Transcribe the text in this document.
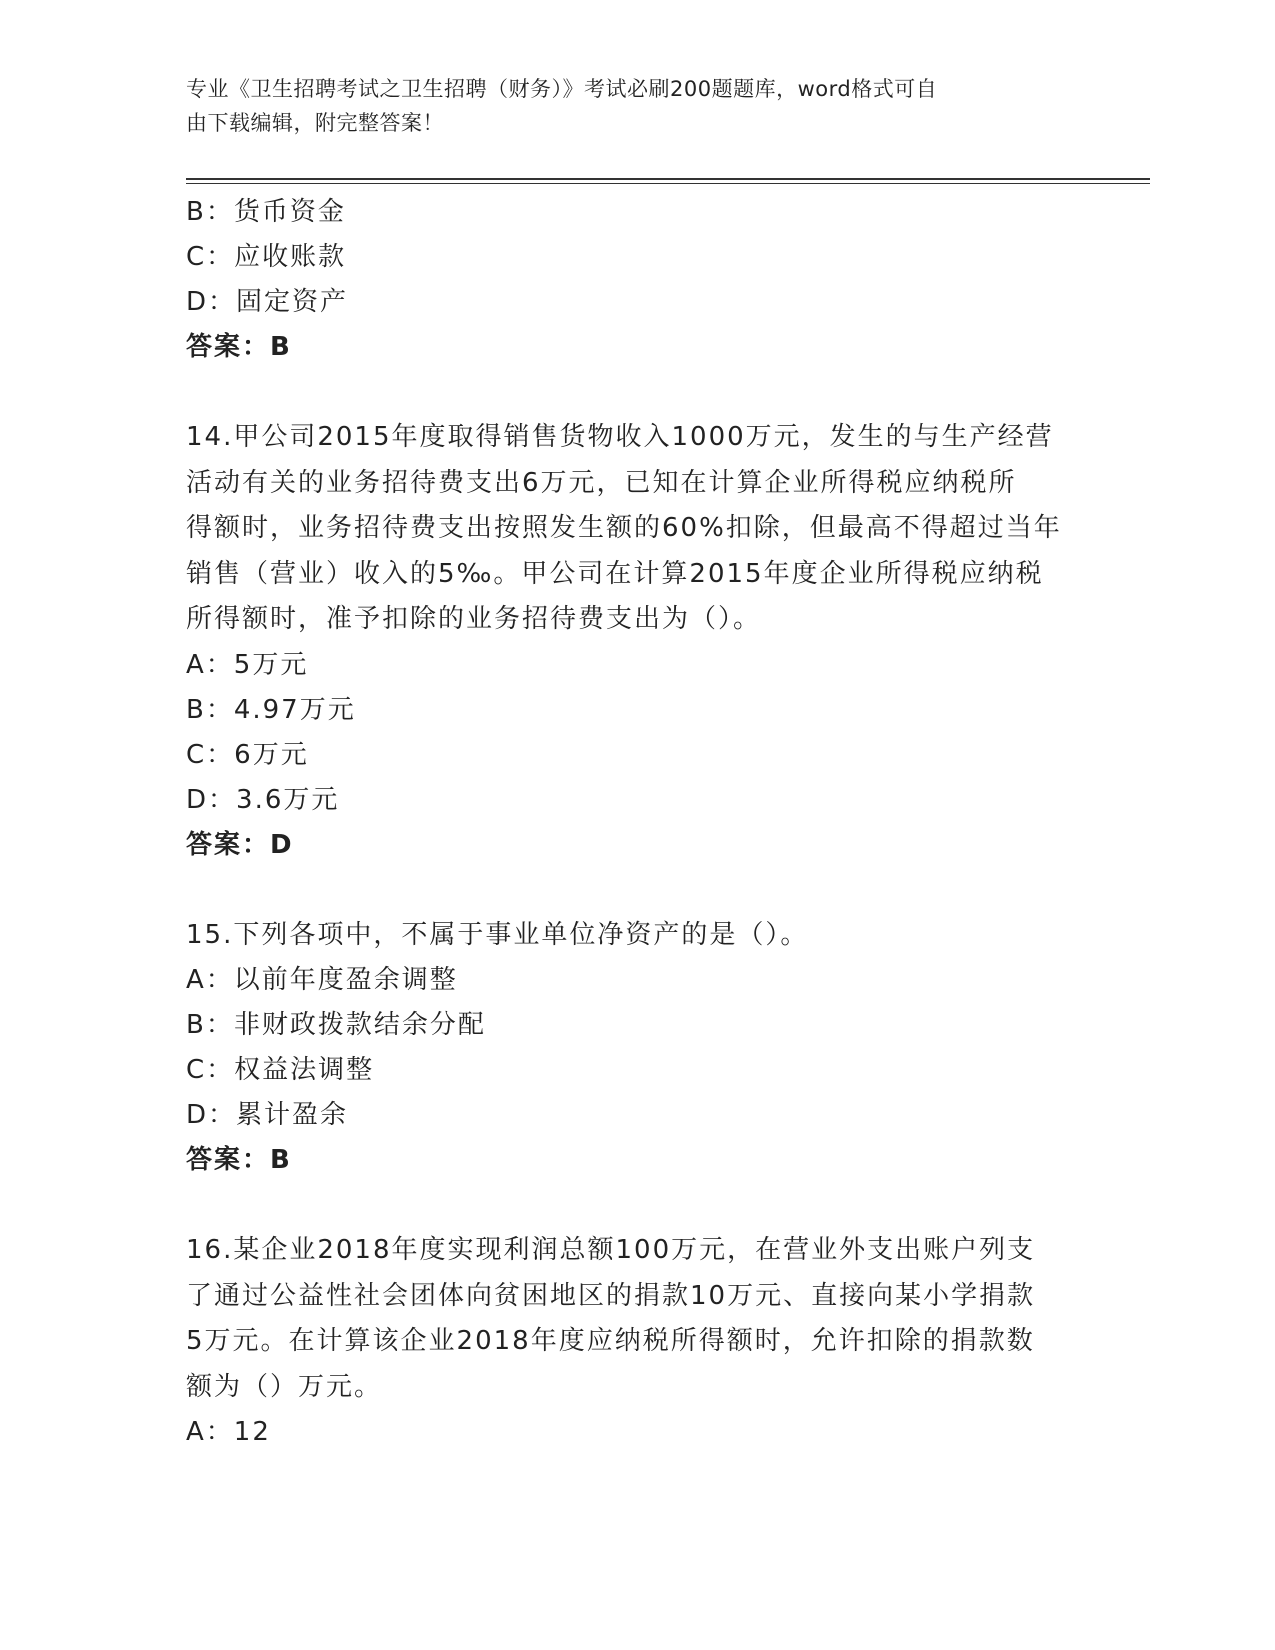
专业《卫生招聘考试之卫生招聘（财务）》考试必刷200题题库，word格式可自
由下载编辑，附完整答案！
B：货币资金
C：应收账款
D：固定资产
答案：B
14.甲公司2015年度取得销售货物收入1000万元，发生的与生产经营
活动有关的业务招待费支出6万元，已知在计算企业所得税应纳税所
得额时，业务招待费支出按照发生额的60%扣除，但最高不得超过当年
销售（营业）收入的5‰。甲公司在计算2015年度企业所得税应纳税
所得额时，准予扣除的业务招待费支出为（）。
A：5万元
B：4.97万元
C：6万元
D：3.6万元
答案：D
15.下列各项中，不属于事业单位净资产的是（）。
A：以前年度盈余调整
B：非财政拨款结余分配
C：权益法调整
D：累计盈余
答案：B
16.某企业2018年度实现利润总额100万元，在营业外支出账户列支
了通过公益性社会团体向贫困地区的捐款10万元、直接向某小学捐款
5万元。在计算该企业2018年度应纳税所得额时，允许扣除的捐款数
额为（）万元。
A：12
